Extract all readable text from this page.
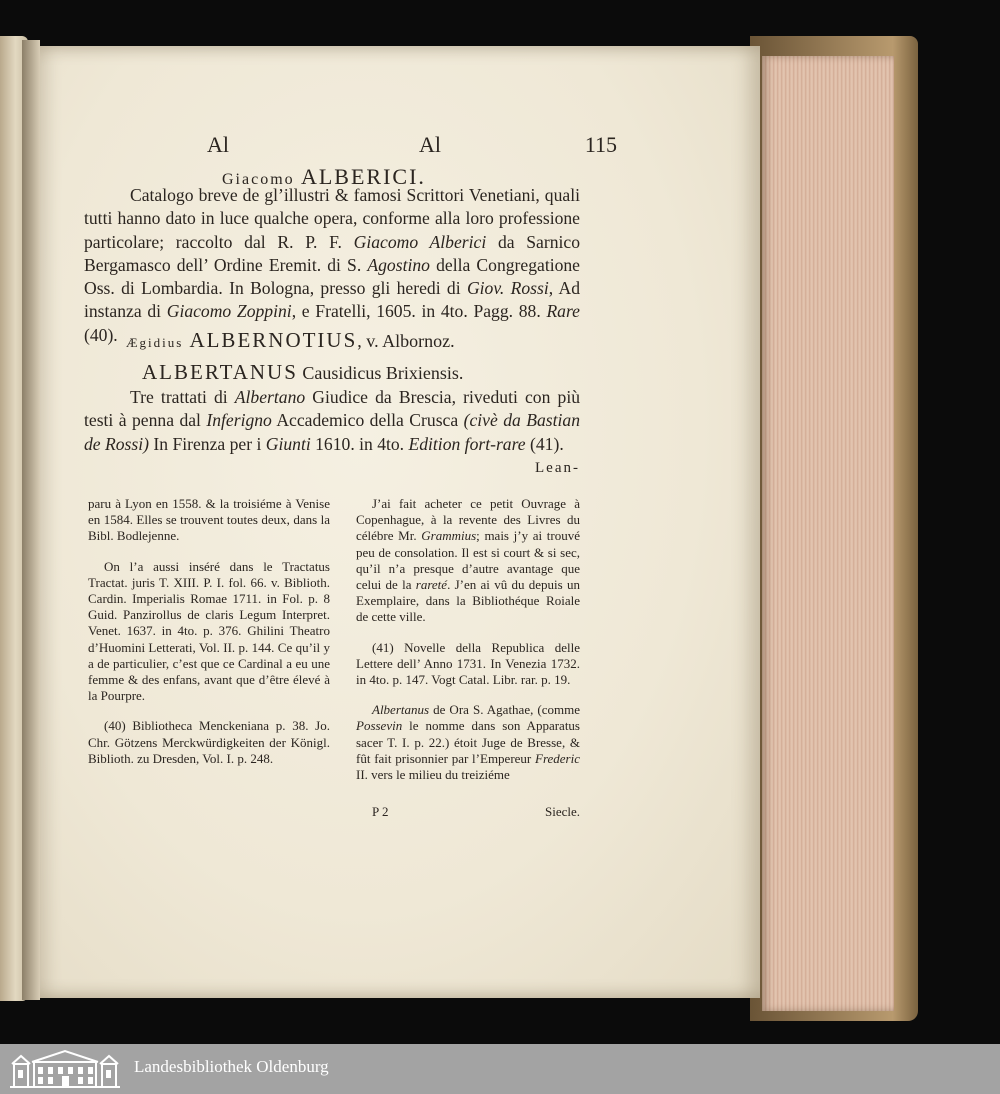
Al	Al	115
Giacomo ALBERICI.
Catalogo breve de gl’illustri & famosi Scrittori Venetiani, quali tutti hanno dato in luce qualche opera, conforme alla loro professione particolare; raccolto dal R. P. F. Giacomo Alberici da Sarnico Bergamasco dell’ Ordine Eremit. di S. Agostino della Congregatione Oss. di Lombardia. In Bologna, presso gli heredi di Giov. Rossi, Ad instanza di Giacomo Zoppini, e Fratelli, 1605. in 4to. Pagg. 88. Rare (40). Ægidius ALBERNOTIUS, v. Albornoz.
ALBERTANUS Causidicus Brixiensis.
Tre trattati di Albertano Giudice da Brescia, riveduti con più testi à penna dal Inferigno Accademico della Crusca (civè da Bastian de Rossi) In Firenza per i Giunti 1610. in 4to. Edition fort-rare (41).
Lean-

paru à Lyon en 1558. & la troisiéme à Venise en 1584. Elles se trouvent toutes deux, dans la Bibl. Bodlejenne.

On l’a aussi inséré dans le Tractatus Tractat. juris T. XIII. P. I. fol. 66. v. Biblioth. Cardin. Imperialis Romae 1711. in Fol. p. 8 Guid. Panzirollus de claris Legum Interpret. Venet. 1637. in 4to. p. 376. Ghilini Theatro d’Huomini Letterati, Vol. II. p. 144. Ce qu’il y a de particulier, c’est que ce Cardinal a eu une femme & des enfans, avant que d’être élevé à la Pourpre.

(40) Bibliotheca Menckeniana p. 38. Jo. Chr. Götzens Merckwürdigkeiten der Königl. Biblioth. zu Dresden, Vol. I. p. 248.

J’ai fait acheter ce petit Ouvrage à Copenhague, à la revente des Livres du célébre Mr. Grammius; mais j’y ai trouvé peu de consolation. Il est si court & si sec, qu’il n’a presque d’autre avantage que celui de la rareté. J’en ai vû du depuis un Exemplaire, dans la Bibliothéque Roiale de cette ville.

(41) Novelle della Republica delle Lettere dell’ Anno 1731. In Venezia 1732. in 4to. p. 147. Vogt Catal. Libr. rar. p. 19.

Albertanus de Ora S. Agathae, (comme Possevin le nomme dans son Apparatus sacer T. I. p. 22.) étoit Juge de Bresse, & fût fait prisonnier par l’Empereur Frederic II. vers le milieu du treiziéme

P 2	Siecle.
Landesbibliothek Oldenburg
